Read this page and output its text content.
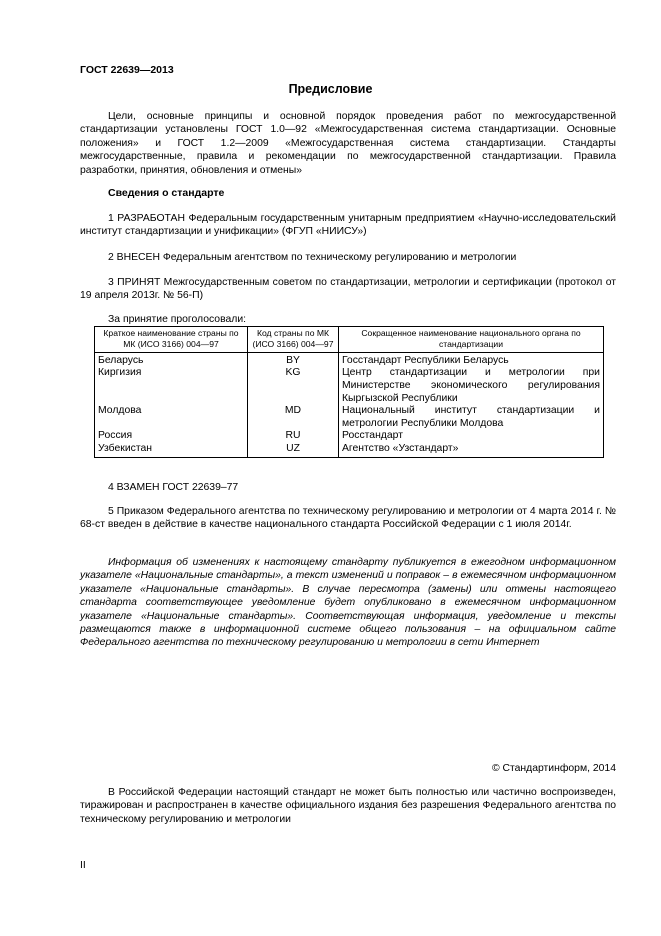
ГОСТ 22639—2013
Предисловие
Цели, основные принципы и основной порядок проведения работ по межгосударственной стандартизации установлены ГОСТ 1.0—92 «Межгосударственная система стандартизации. Основные положения» и ГОСТ 1.2—2009 «Межгосударственная система стандартизации. Стандарты межгосударственные, правила и рекомендации по межгосударственной стандартизации. Правила разработки, принятия, обновления и отмены»
Сведения о стандарте
1 РАЗРАБОТАН Федеральным государственным унитарным предприятием «Научно-исследовательский институт стандартизации и унификации» (ФГУП «НИИСУ»)
2 ВНЕСЕН Федеральным агентством по техническому регулированию и метрологии
3 ПРИНЯТ Межгосударственным советом по стандартизации, метрологии и сертификации (протокол от 19 апреля 2013г. № 56-П)
За принятие проголосовали:
Краткое наименование страны по МК (ИСО 3166) 004—97	Код страны по МК (ИСО 3166) 004—97	Сокращенное наименование национального органа по стандартизации
Беларусь	BY	Госстандарт Республики Беларусь
Киргизия	KG	Центр стандартизации и метрологии при Министерстве экономического регулирования Кыргызской Республики
Молдова	MD	Национальный институт стандартизации и метрологии Республики Молдова
Россия	RU	Росстандарт
Узбекистан	UZ	Агентство «Узстандарт»
4 ВЗАМЕН ГОСТ 22639–77
5 Приказом Федерального агентства по техническому регулированию и метрологии от 4 марта 2014 г. № 68-ст введен в действие в качестве национального стандарта Российской Федерации с 1 июля 2014г.
Информация об изменениях к настоящему стандарту публикуется в ежегодном информационном указателе «Национальные стандарты», а текст изменений и поправок – в ежемесячном информационном указателе «Национальные стандарты». В случае пересмотра (замены) или отмены настоящего стандарта соответствующее уведомление будет опубликовано в ежемесячном информационном указателе «Национальные стандарты». Соответствующая информация, уведомление и тексты размещаются также в информационной системе общего пользования – на официальном сайте Федерального агентства по техническому регулированию и метрологии в сети Интернет
© Стандартинформ, 2014
В Российской Федерации настоящий стандарт не может быть полностью или частично воспроизведен, тиражирован и распространен в качестве официального издания без разрешения Федерального агентства по техническому регулированию и метрологии
II
